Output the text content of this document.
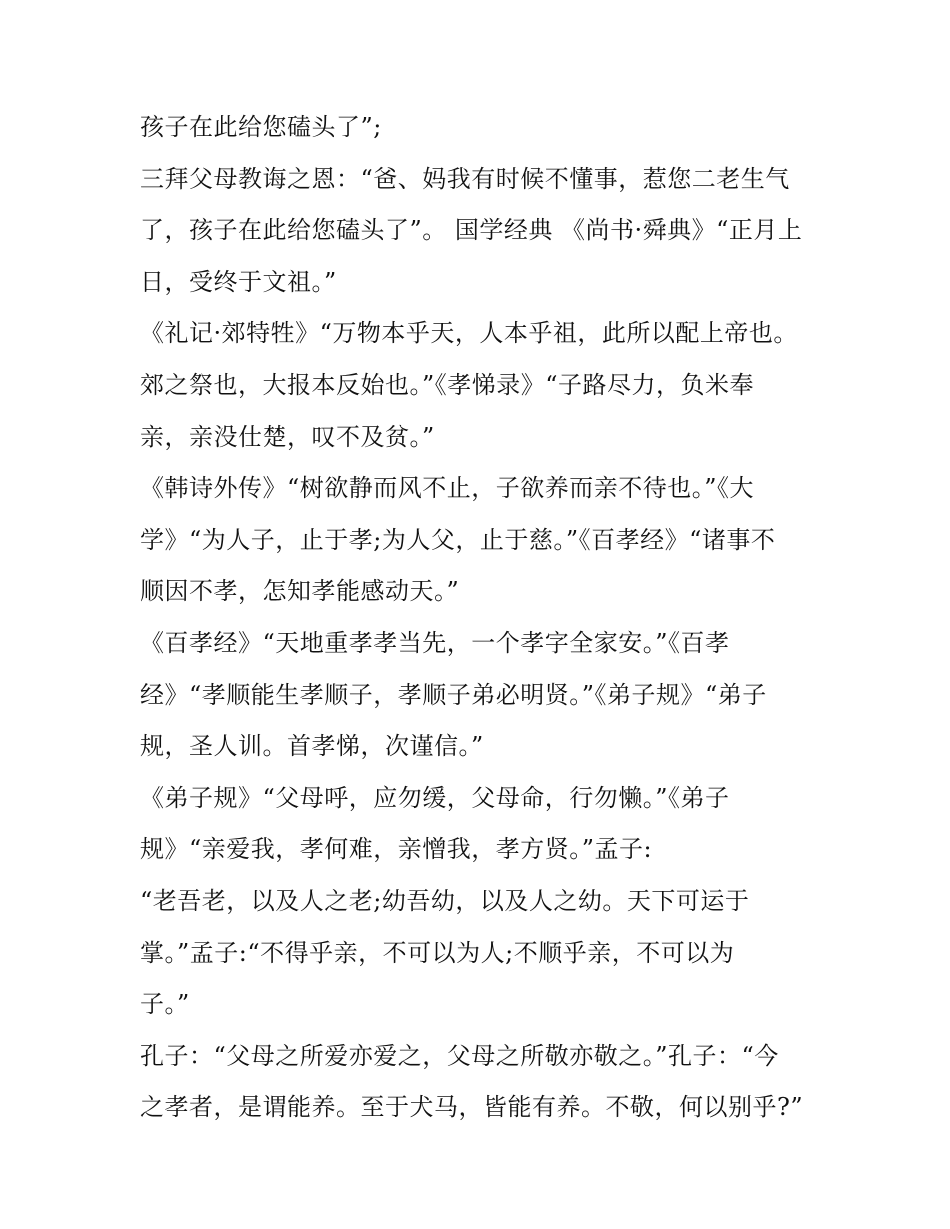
孩子在此给您磕头了”;
三拜父母教诲之恩：“爸、妈我有时候不懂事，惹您二老生气
了，孩子在此给您磕头了”。 国学经典 《尚书·舜典》“正月上
日，受终于文祖。”
《礼记·郊特牲》“万物本乎天，人本乎祖，此所以配上帝也。
郊之祭也，大报本反始也。”《孝悌录》“子路尽力，负米奉
亲，亲没仕楚，叹不及贫。”
《韩诗外传》“树欲静而风不止，子欲养而亲不待也。”《大
学》“为人子，止于孝;为人父，止于慈。”《百孝经》“诸事不
顺因不孝，怎知孝能感动天。”
《百孝经》“天地重孝孝当先，一个孝字全家安。”《百孝
经》“孝顺能生孝顺子，孝顺子弟必明贤。”《弟子规》“弟子
规，圣人训。首孝悌，次谨信。”
《弟子规》“父母呼，应勿缓，父母命，行勿懒。”《弟子
规》“亲爱我，孝何难，亲憎我，孝方贤。”孟子:
“老吾老，以及人之老;幼吾幼，以及人之幼。天下可运于
掌。”孟子:“不得乎亲，不可以为人;不顺乎亲，不可以为
子。”
孔子：“父母之所爱亦爱之，父母之所敬亦敬之。”孔子：“今
之孝者，是谓能养。至于犬马，皆能有养。不敬，何以别乎?”
